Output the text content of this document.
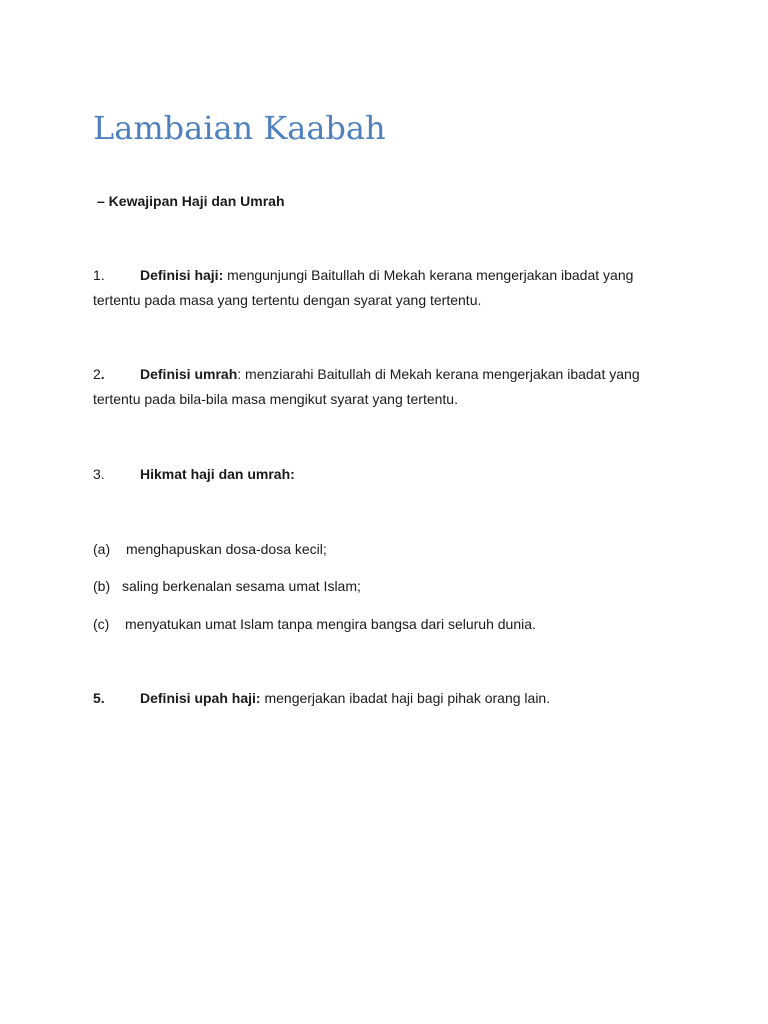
Lambaian Kaabah
– Kewajipan Haji dan Umrah
1.	Definisi haji: mengunjungi Baitullah di Mekah kerana mengerjakan ibadat yang tertentu pada masa yang tertentu dengan syarat yang tertentu.
2.	Definisi umrah: menziarahi Baitullah di Mekah kerana mengerjakan ibadat yang tertentu pada bila-bila masa mengikut syarat yang tertentu.
3.	Hikmat haji dan umrah:
(a) menghapuskan dosa-dosa kecil;
(b) saling berkenalan sesama umat Islam;
(c) menyatukan umat Islam tanpa mengira bangsa dari seluruh dunia.
5.	Definisi upah haji: mengerjakan ibadat haji bagi pihak orang lain.
